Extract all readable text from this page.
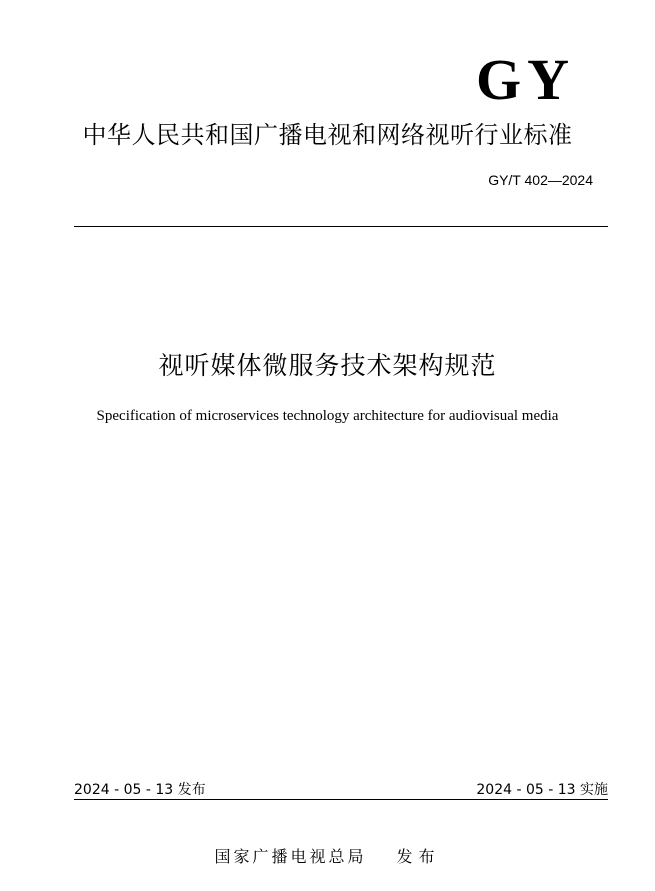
GY
中华人民共和国广播电视和网络视听行业标准
GY/T 402—2024
视听媒体微服务技术架构规范
Specification of microservices technology architecture for audiovisual media
2024 - 05 - 13 发布	2024 - 05 - 13 实施
国家广播电视总局 发布
